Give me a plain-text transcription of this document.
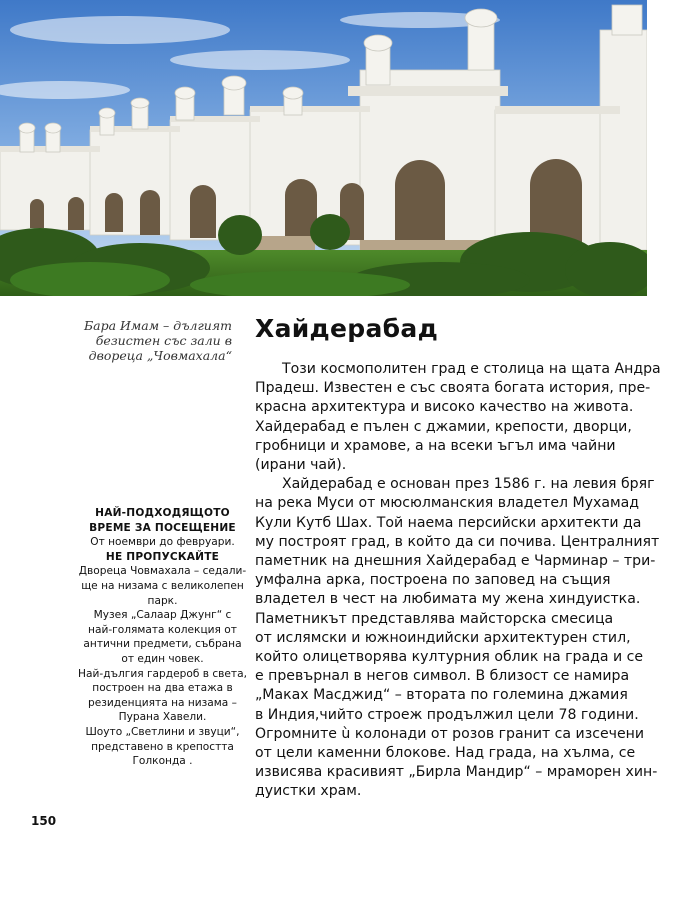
Бара Имам – дългият
безистен със зали в
двореца „Човмахала“
НАЙ-ПОДХОДЯЩОТО
ВРЕМЕ ЗА ПОСЕЩЕНИЕ
От ноември до февруари.
НЕ ПРОПУСКАЙТЕ
Дворецa Човмахала – седали-
ще на низама с великолепен
парк.
Музея „Салаар Джунг“ с
най-голямата колекция от
антични предмети, събрана
от един човек.
Най-дългия гардероб в света,
построен на два етажа в
резиденцията на низама –
Пурана Хавели.
Шоуто „Светлини и звуци“,
представено в крепостта
Голконда .
Хайдерабад
Този космополитен град е столица на щата Андра
Прадеш. Известен е със своята богата история, пре-
красна архитектура и високо качество на живота.
Хайдерабад е пълен с джамии, крепости, дворци,
гробници и храмове, а на всеки ъгъл има чайни
(ирани чай).
Хайдерабад е основан през 1586 г. на левия бряг
на река Муси от мюсюлманския владетел Мухамад
Кули Кутб Шах. Той наема персийски архитекти да
му построят град, в който да си почива. Централният
паметник на днешния Хайдерабад е Чарминар – три-
умфална арка, построена по заповед на същия
владетел в чест на любимата му жена хиндуистка.
Паметникът представлява майсторска смесица
от ислямски и южноиндийски архитектурен стил,
който олицетворява културния облик на града и се
е превърнал в негов символ. В близост се намира
„Маках Масджид“ – втората по големина джамия
в Индия,чийто строеж продължил цели 78 години.
Огромните ù колонади от розов гранит са изсечени
от цели каменни блокове. Над града, на хълма, се
извисява красивият „Бирла Мандир“ – мраморен хин-
дуистки храм.
150
